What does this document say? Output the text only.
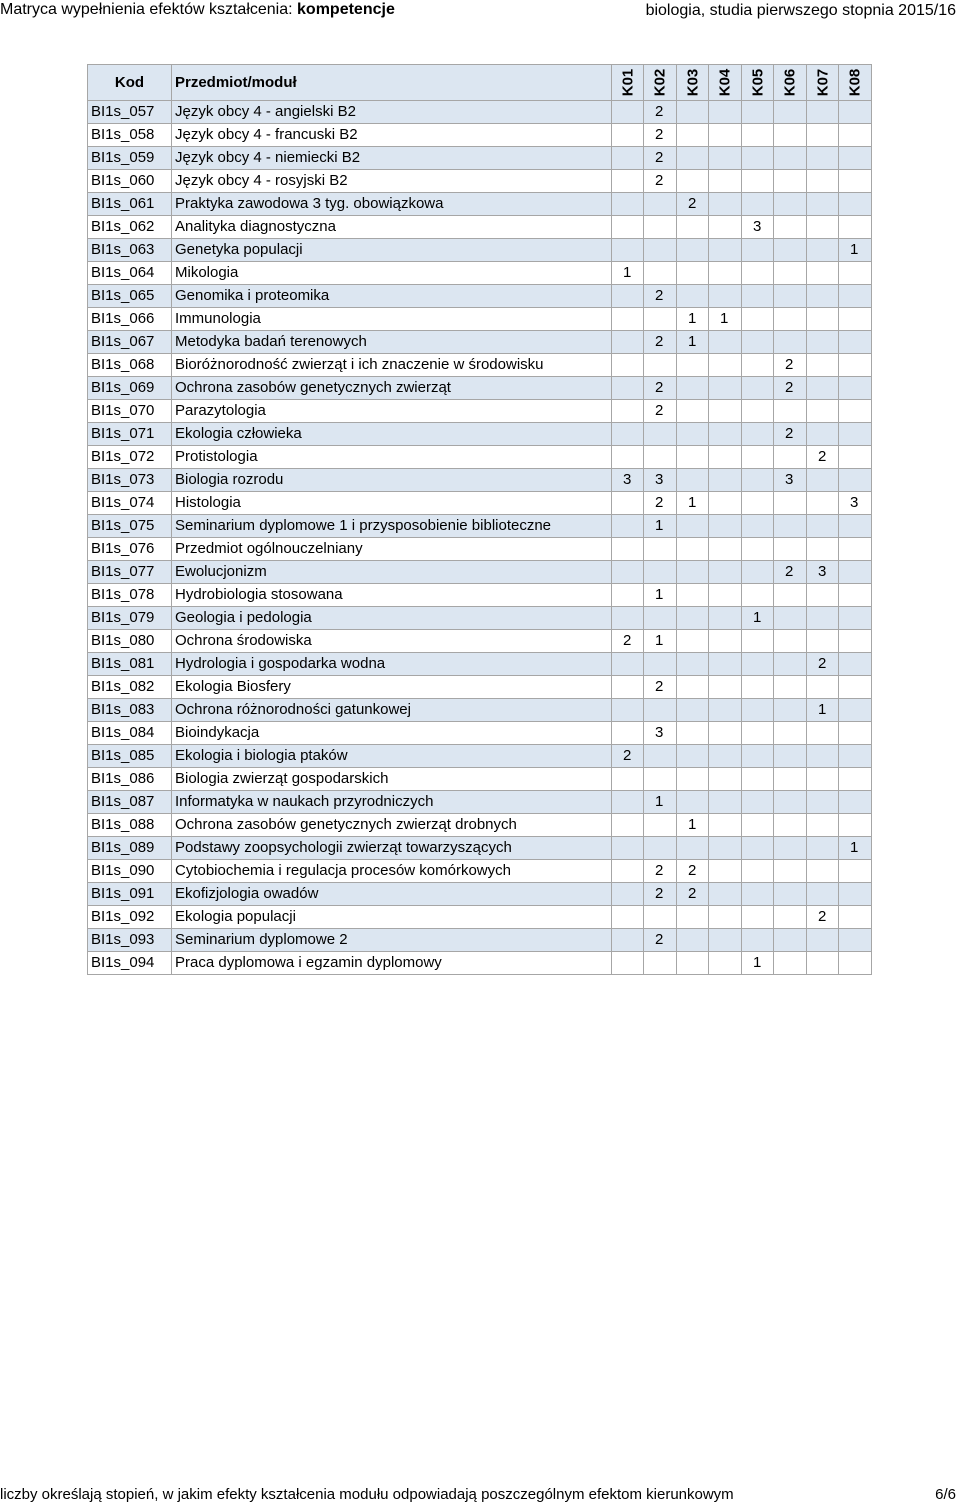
Matryca wypełnienia efektów kształcenia: kompetencje	biologia, studia pierwszego stopnia 2015/16
Kod	Przedmiot/moduł	K01	K02	K03	K04	K05	K06	K07	K08
BI1s_057	Język obcy 4 - angielski B2		2						
BI1s_058	Język obcy 4 - francuski B2		2						
BI1s_059	Język obcy 4 - niemiecki B2		2						
BI1s_060	Język obcy 4 - rosyjski B2		2						
BI1s_061	Praktyka zawodowa 3 tyg. obowiązkowa			2					
BI1s_062	Analityka diagnostyczna					3			
BI1s_063	Genetyka populacji								1
BI1s_064	Mikologia	1							
BI1s_065	Genomika i proteomika		2						
BI1s_066	Immunologia			1	1				
BI1s_067	Metodyka badań terenowych		2	1					
BI1s_068	Bioróżnorodność zwierząt i ich znaczenie w środowisku						2		
BI1s_069	Ochrona zasobów genetycznych zwierząt		2				2		
BI1s_070	Parazytologia		2						
BI1s_071	Ekologia człowieka						2		
BI1s_072	Protistologia							2	
BI1s_073	Biologia rozrodu	3	3				3		
BI1s_074	Histologia		2	1					3
BI1s_075	Seminarium dyplomowe 1 i przysposobienie biblioteczne		1						
BI1s_076	Przedmiot ogólnouczelniany								
BI1s_077	Ewolucjonizm						2	3	
BI1s_078	Hydrobiologia stosowana		1						
BI1s_079	Geologia i pedologia					1			
BI1s_080	Ochrona środowiska	2	1						
BI1s_081	Hydrologia i gospodarka wodna							2	
BI1s_082	Ekologia Biosfery		2						
BI1s_083	Ochrona różnorodności gatunkowej							1	
BI1s_084	Bioindykacja		3						
BI1s_085	Ekologia i biologia ptaków	2							
BI1s_086	Biologia zwierząt gospodarskich								
BI1s_087	Informatyka w naukach przyrodniczych		1						
BI1s_088	Ochrona zasobów genetycznych zwierząt drobnych			1					
BI1s_089	Podstawy zoopsychologii zwierząt towarzyszących								1
BI1s_090	Cytobiochemia i regulacja procesów komórkowych		2	2					
BI1s_091	Ekofizjologia owadów		2	2					
BI1s_092	Ekologia populacji							2	
BI1s_093	Seminarium dyplomowe 2		2						
BI1s_094	Praca dyplomowa i egzamin dyplomowy					1			
liczby określają stopień, w jakim efekty kształcenia modułu odpowiadają poszczególnym efektom kierunkowym	6/6
